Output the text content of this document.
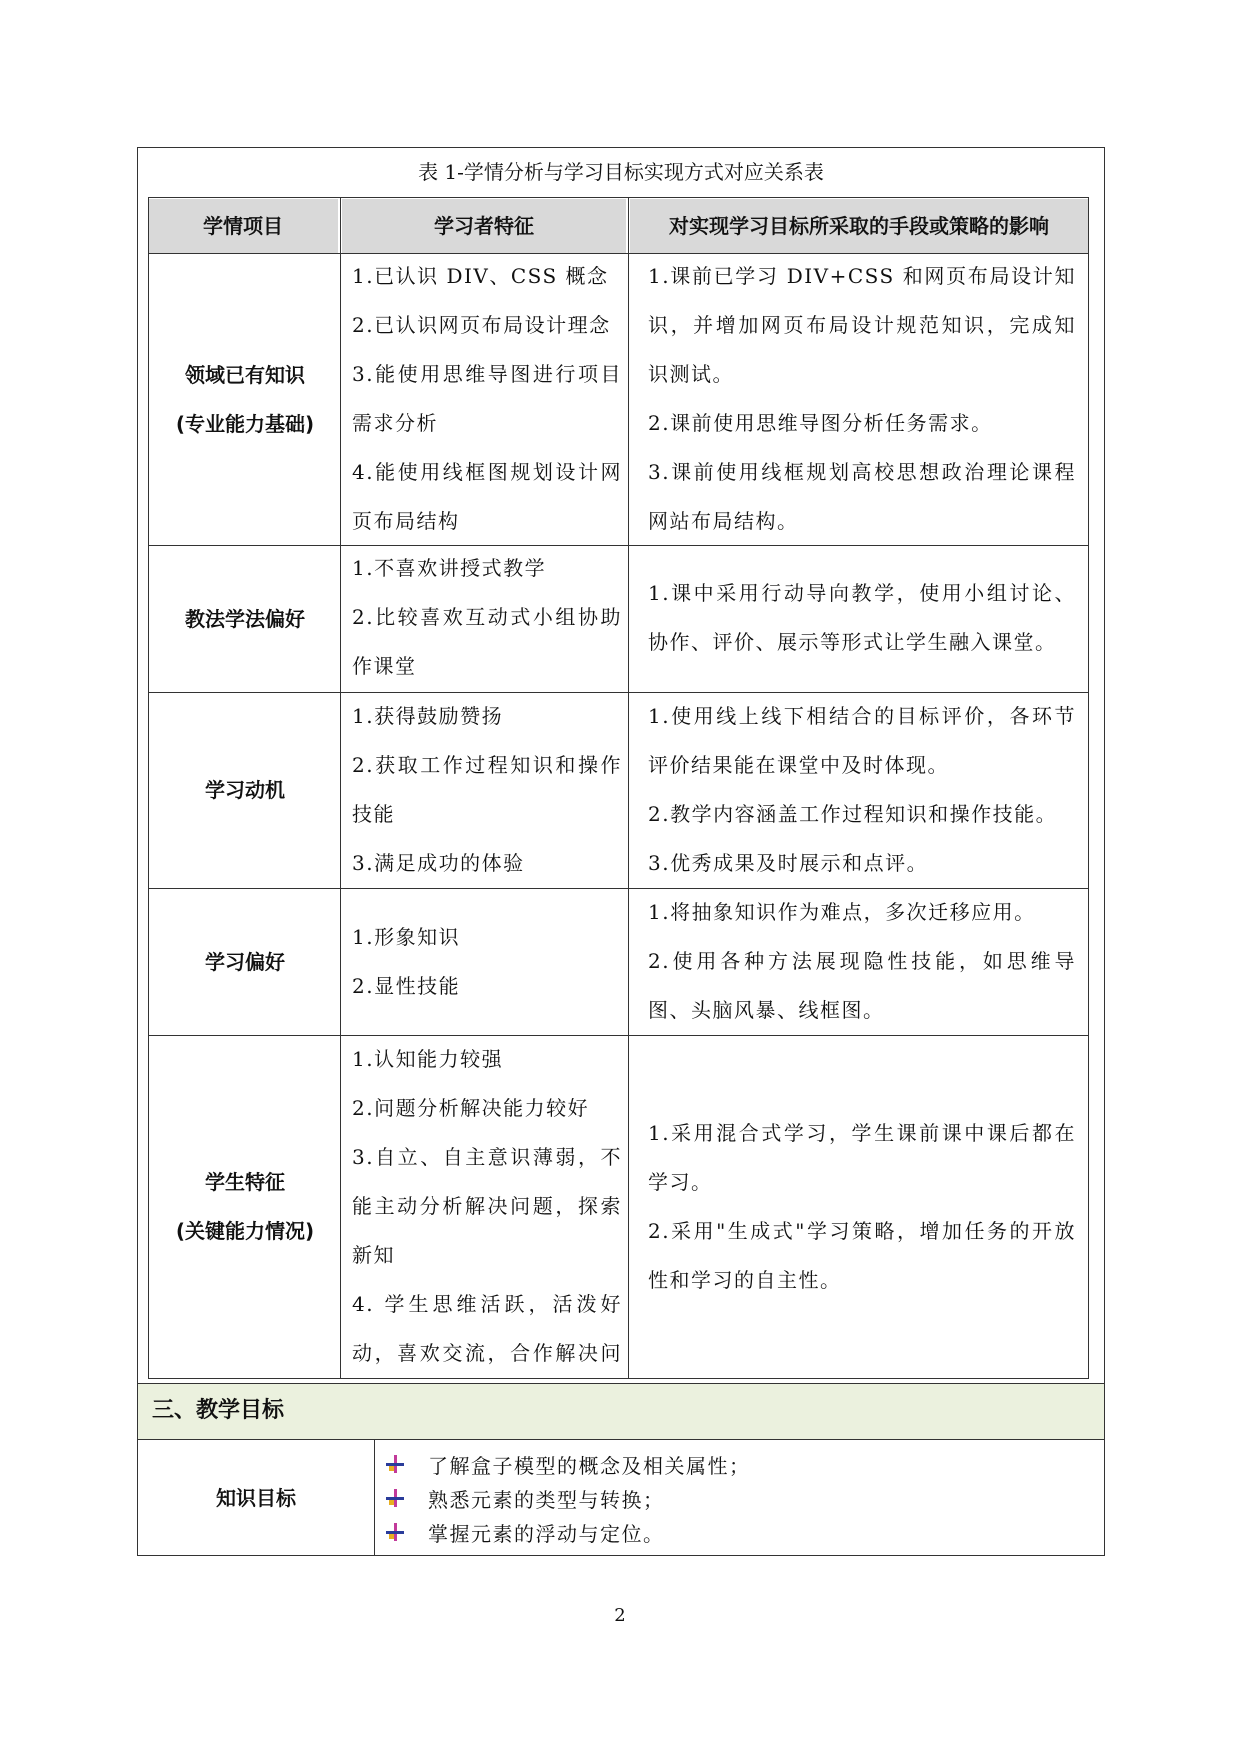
表 1-学情分析与学习目标实现方式对应关系表
学情项目	学习者特征	对实现学习目标所采取的手段或策略的影响
领域已有知识
(专业能力基础)

1.已认识 DIV、CSS 概念

2.已认识网页布局设计理念

3.能使用思维导图进行项目需求分析

4.能使用线框图规划设计网页布局结构

1.课前已学习 DIV+CSS 和网页布局设计知识，并增加网页布局设计规范知识，完成知识测试。

2.课前使用思维导图分析任务需求。

3.课前使用线框规划高校思想政治理论课程网站布局结构。

教法学法偏好

1.不喜欢讲授式教学

2.比较喜欢互动式小组协助作课堂

1.课中采用行动导向教学，使用小组讨论、协作、评价、展示等形式让学生融入课堂。

学习动机

1.获得鼓励赞扬

2.获取工作过程知识和操作技能

3.满足成功的体验

1.使用线上线下相结合的目标评价，各环节评价结果能在课堂中及时体现。

2.教学内容涵盖工作过程知识和操作技能。

3.优秀成果及时展示和点评。

学习偏好

1.形象知识

2.显性技能

1.将抽象知识作为难点，多次迁移应用。

2.使用各种方法展现隐性技能，如思维导图、头脑风暴、线框图。

学生特征
(关键能力情况)

1.认知能力较强

2.问题分析解决能力较好

3.自立、自主意识薄弱，不能主动分析解决问题，探索新知

4. 学生思维活跃，活泼好动，喜欢交流，合作解决问

1.采用混合式学习，学生课前课中课后都在学习。

2.采用"生成式"学习策略，增加任务的开放性和学习的自主性。

三、教学目标
知识目标
了解盒子模型的概念及相关属性；
熟悉元素的类型与转换；
掌握元素的浮动与定位。
2
